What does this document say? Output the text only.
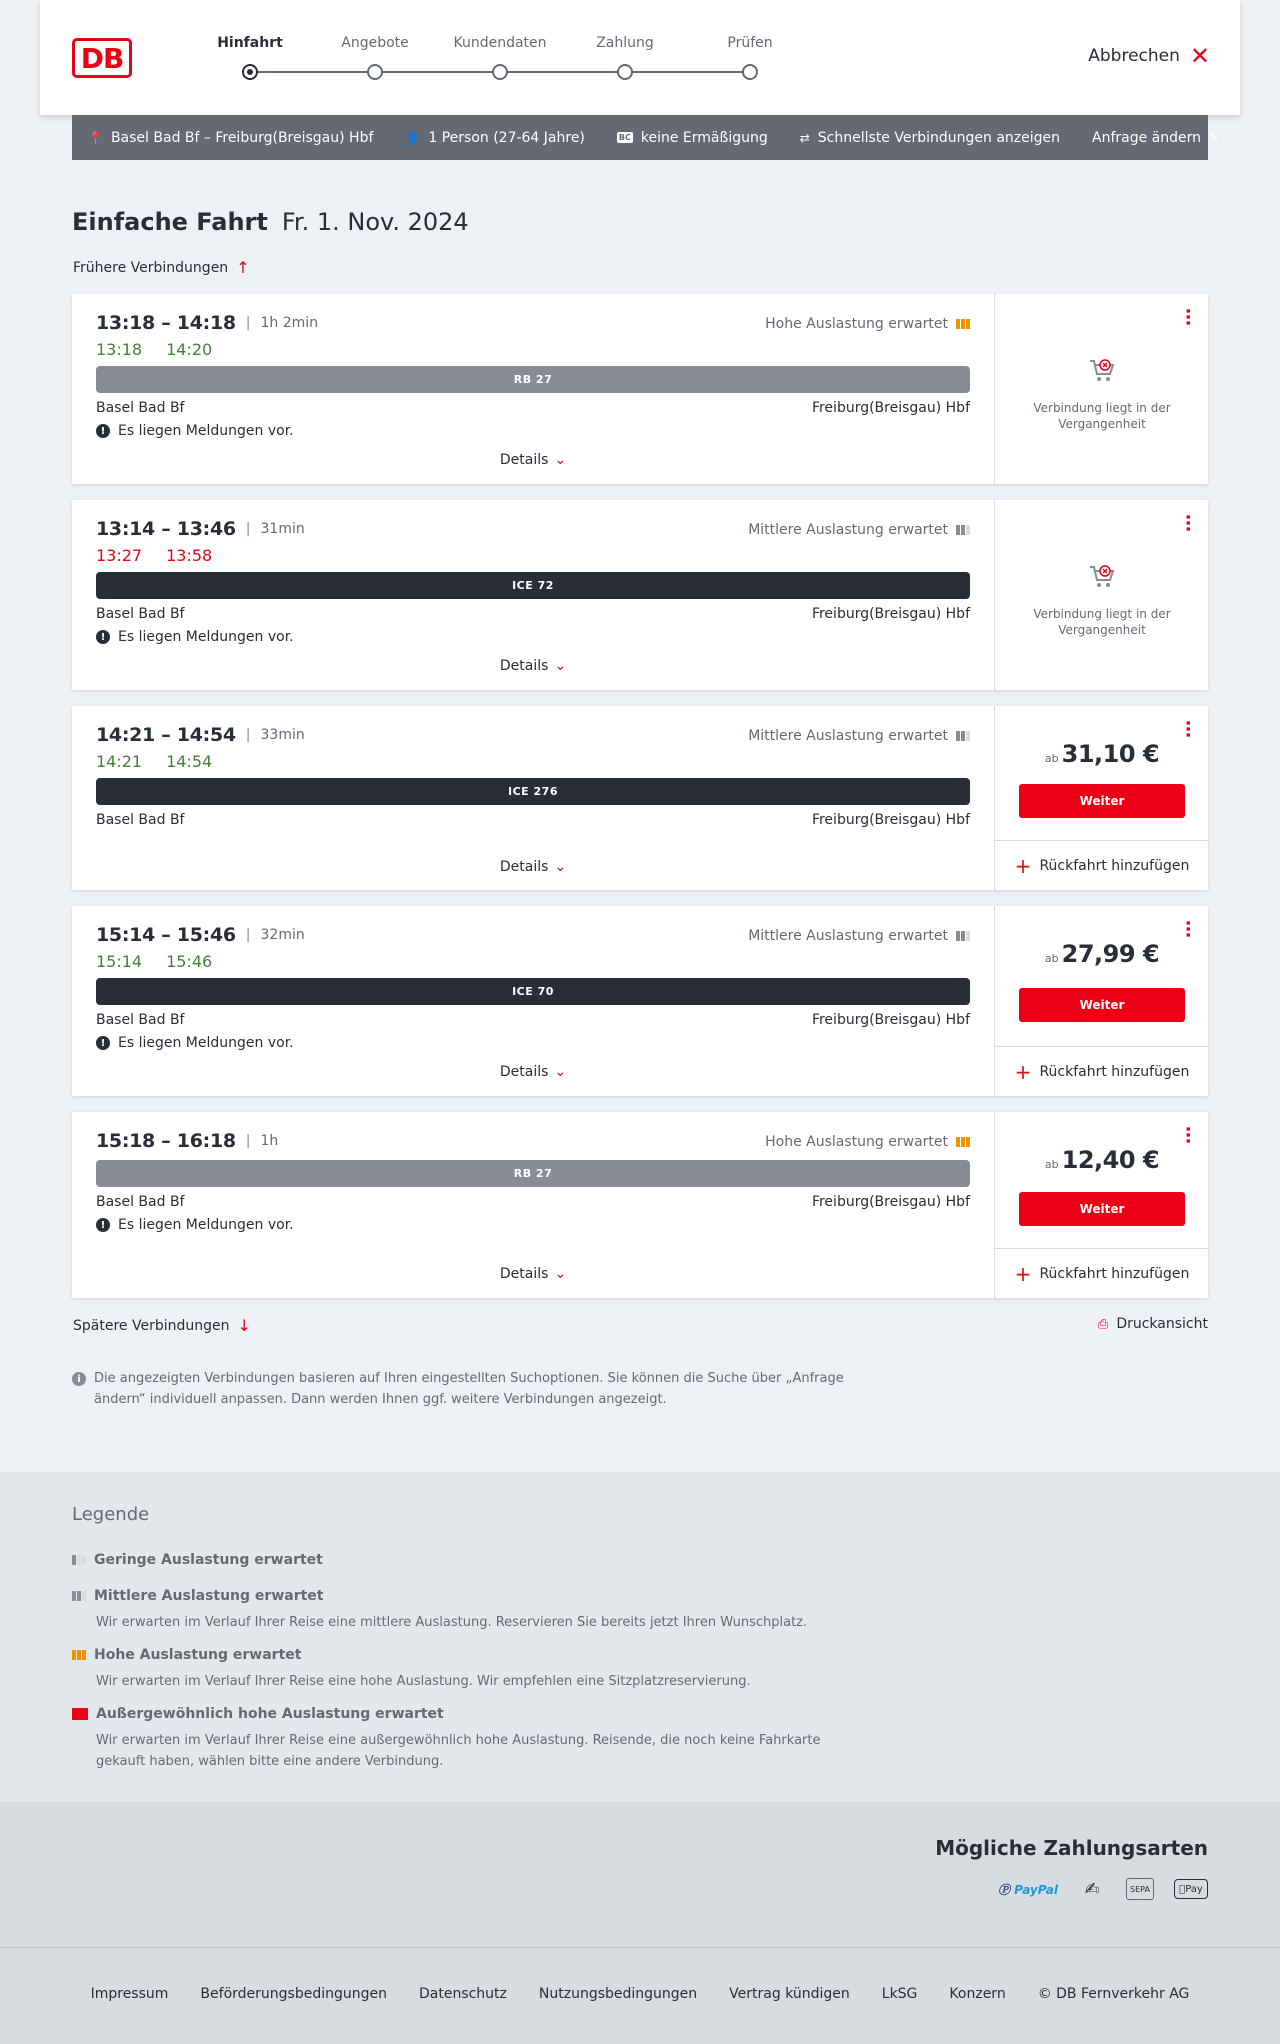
DB	Hinfahrt	Angebote	Kundendaten	Zahlung	Prüfen
Abbrechen ✕
📍 Basel Bad Bf – Freiburg(Breisgau) Hbf	👤 1 Person (27-64 Jahre)	BC keine Ermäßigung	⇄ Schnellste Verbindungen anzeigen Anfrage ändern ✎
Einfache Fahrt Fr. 1. Nov. 2024
Frühere Verbindungen ↑
13:18 – 14:18 | 1h 2min
13:18 14:20
Hohe Auslastung erwartet
RB 27
Basel Bad Bf	Freiburg(Breisgau) Hbf
! Es liegen Meldungen vor.
Details ⌄
⋯
Verbindung liegt in der Vergangenheit
13:14 – 13:46 | 31min
13:27 13:58
Mittlere Auslastung erwartet
ICE 72
Basel Bad Bf	Freiburg(Breisgau) Hbf
! Es liegen Meldungen vor.
Details ⌄
⋯
Verbindung liegt in der Vergangenheit
14:21 – 14:54 | 33min
14:21 14:54
Mittlere Auslastung erwartet
ICE 276
Basel Bad Bf	Freiburg(Breisgau) Hbf
Details ⌄
⋯
ab 31,10 €
Weiter
+ Rückfahrt hinzufügen
15:14 – 15:46 | 32min
15:14 15:46
Mittlere Auslastung erwartet
ICE 70
Basel Bad Bf	Freiburg(Breisgau) Hbf
! Es liegen Meldungen vor.
Details ⌄
⋯
ab 27,99 €
Weiter
+ Rückfahrt hinzufügen
15:18 – 16:18 | 1h	Hohe Auslastung erwartet
RB 27
Basel Bad Bf	Freiburg(Breisgau) Hbf
! Es liegen Meldungen vor.
Details ⌄
⋯
ab 12,40 €
Weiter
+ Rückfahrt hinzufügen
Spätere Verbindungen ↓	⎙ Druckansicht
i	Die angezeigten Verbindungen basieren auf Ihren eingestellten Suchoptionen. Sie können die Suche über „Anfrage ändern“ individuell anpassen. Dann werden Ihnen ggf. weitere Verbindungen angezeigt.
Legende
Geringe Auslastung erwartet
Mittlere Auslastung erwartet
Wir erwarten im Verlauf Ihrer Reise eine mittlere Auslastung. Reservieren Sie bereits jetzt Ihren Wunschplatz.
Hohe Auslastung erwartet
Wir erwarten im Verlauf Ihrer Reise eine hohe Auslastung. Wir empfehlen eine Sitzplatzreservierung.
Außergewöhnlich hohe Auslastung erwartet
Wir erwarten im Verlauf Ihrer Reise eine außergewöhnlich hohe Auslastung. Reisende, die noch keine Fahrkarte gekauft haben, wählen bitte eine andere Verbindung.
Mögliche Zahlungsarten
Ⓟ PayPal	✍	SEPA	Pay
Impressum Beförderungsbedingungen Datenschutz Nutzungsbedingungen Vertrag kündigen LkSG Konzern © DB Fernverkehr AG
